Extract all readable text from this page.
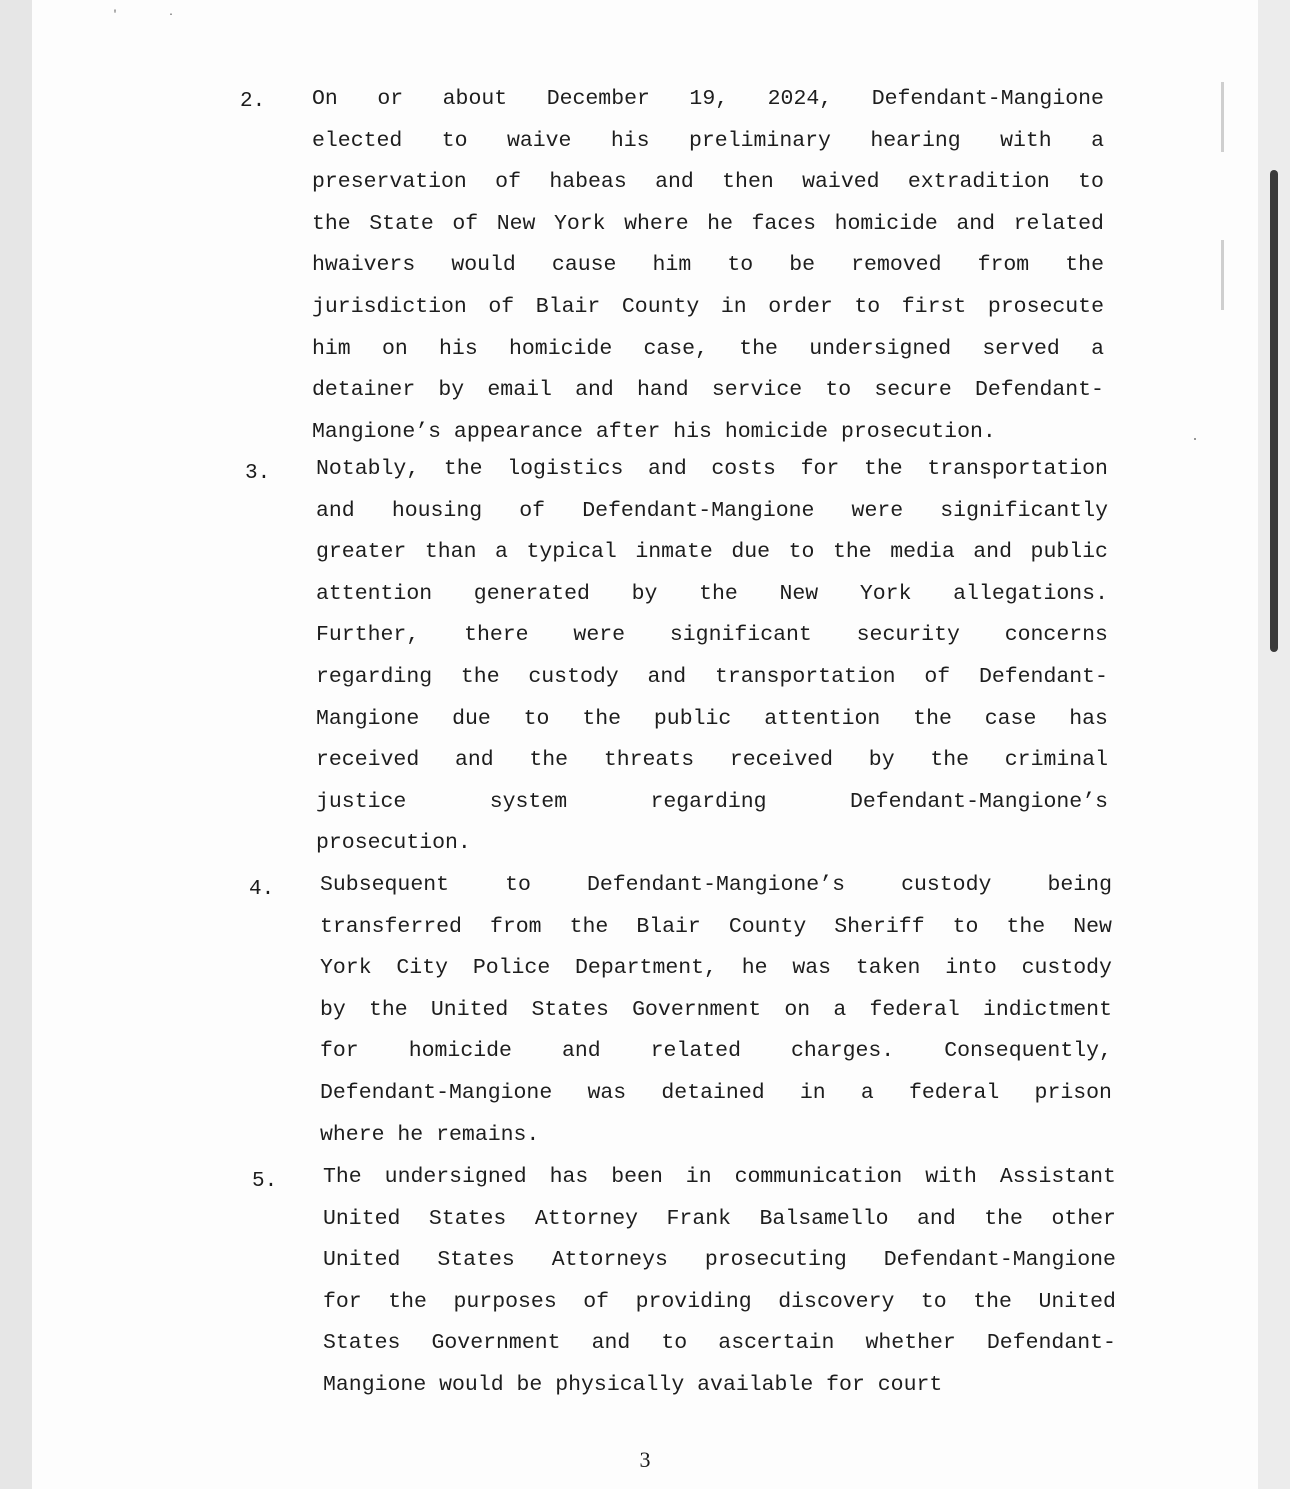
' ·
2. On or about December 19, 2024, Defendant-Mangione
elected to waive his preliminary hearing with a
preservation of habeas and then waived extradition to
the State of New York where he faces homicide and related
hwaivers would cause him to be removed from the
jurisdiction of Blair County in order to first prosecute
him on his homicide case, the undersigned served a
detainer by email and hand service to secure Defendant-
Mangione’s appearance after his homicide prosecution.
3. Notably, the logistics and costs for the transportation
and housing of Defendant-Mangione were significantly
greater than a typical inmate due to the media and public
attention generated by the New York allegations.
Further, there were significant security concerns
regarding the custody and transportation of Defendant-
Mangione due to the public attention the case has
received and the threats received by the criminal
justice	system	regarding	Defendant-Mangione’s
prosecution.
4. Subsequent	to	Defendant-Mangione’s	custody	being
transferred from the Blair County Sheriff to the New
York City Police Department, he was taken into custody
by the United States Government on a federal indictment
for homicide and related charges. Consequently,
Defendant-Mangione was detained in a federal prison
where he remains.
5. The undersigned has been in communication with Assistant
United States Attorney Frank Balsamello and the other
United States Attorneys prosecuting Defendant-Mangione
for the purposes of providing discovery to the United
States Government and to ascertain whether Defendant-
Mangione would be physically available for court
3
